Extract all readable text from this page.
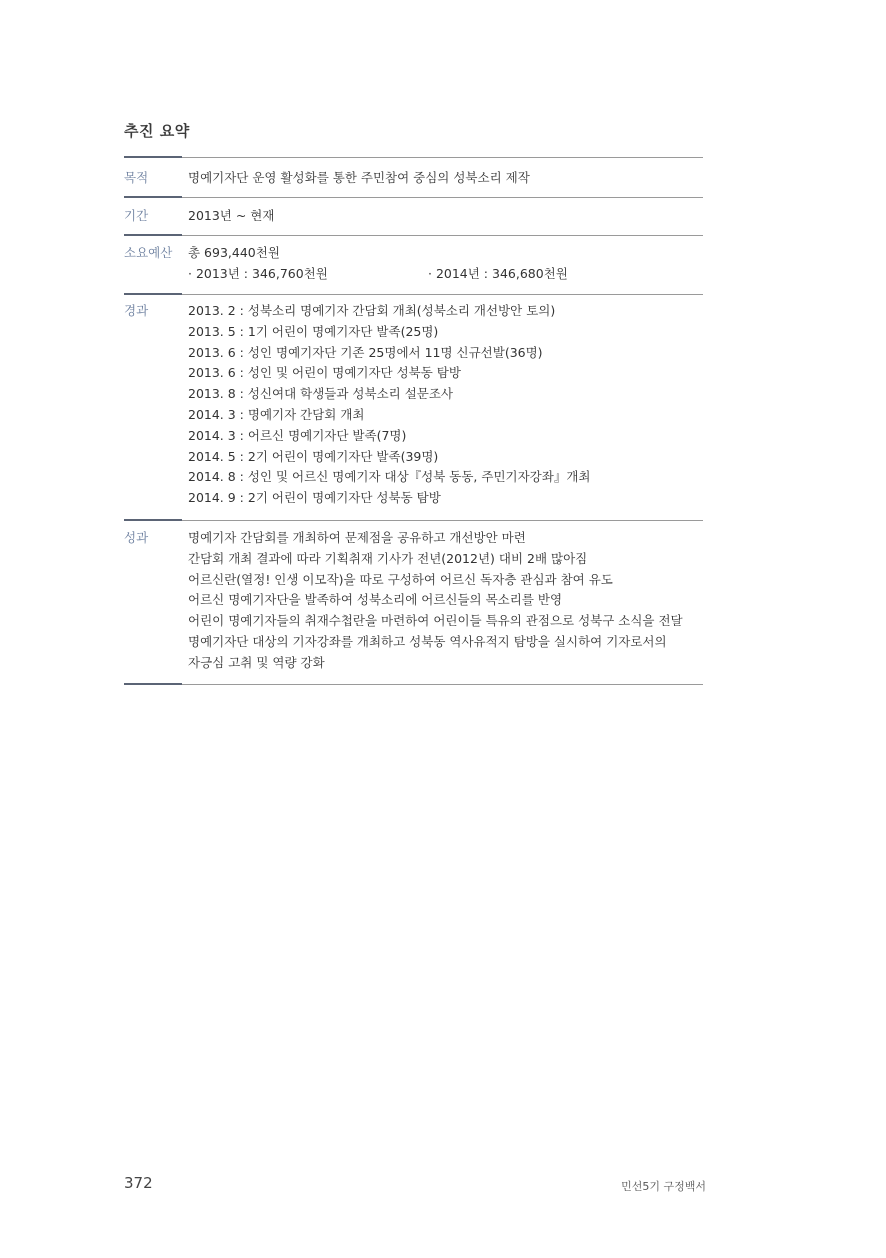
추진 요약
목적	명예기자단 운영 활성화를 통한 주민참여 중심의 성북소리 제작
기간	2013년 ~ 현재
소요예산	총 693,440천원
· 2013년 : 346,760천원	· 2014년 : 346,680천원
경과	2013. 2 : 성북소리 명예기자 간담회 개최(성북소리 개선방안 토의)
2013. 5 : 1기 어린이 명예기자단 발족(25명)
2013. 6 : 성인 명예기자단 기존 25명에서 11명 신규선발(36명)
2013. 6 : 성인 및 어린이 명예기자단 성북동 탐방
2013. 8 : 성신여대 학생들과 성북소리 설문조사
2014. 3 : 명예기자 간담회 개최
2014. 3 : 어르신 명예기자단 발족(7명)
2014. 5 : 2기 어린이 명예기자단 발족(39명)
2014. 8 : 성인 및 어르신 명예기자 대상『성북 동동, 주민기자강좌』개최
2014. 9 : 2기 어린이 명예기자단 성북동 탐방
성과	명예기자 간담회를 개최하여 문제점을 공유하고 개선방안 마련
간담회 개최 결과에 따라 기획취재 기사가 전년(2012년) 대비 2배 많아짐
어르신란(열정! 인생 이모작)을 따로 구성하여 어르신 독자층 관심과 참여 유도
어르신 명예기자단을 발족하여 성북소리에 어르신들의 목소리를 반영
어린이 명예기자들의 취재수첩란을 마련하여 어린이들 특유의 관점으로 성북구 소식을 전달
명예기자단 대상의 기자강좌를 개최하고 성북동 역사유적지 탐방을 실시하여 기자로서의
자긍심 고취 및 역량 강화
372	민선5기 구정백서
